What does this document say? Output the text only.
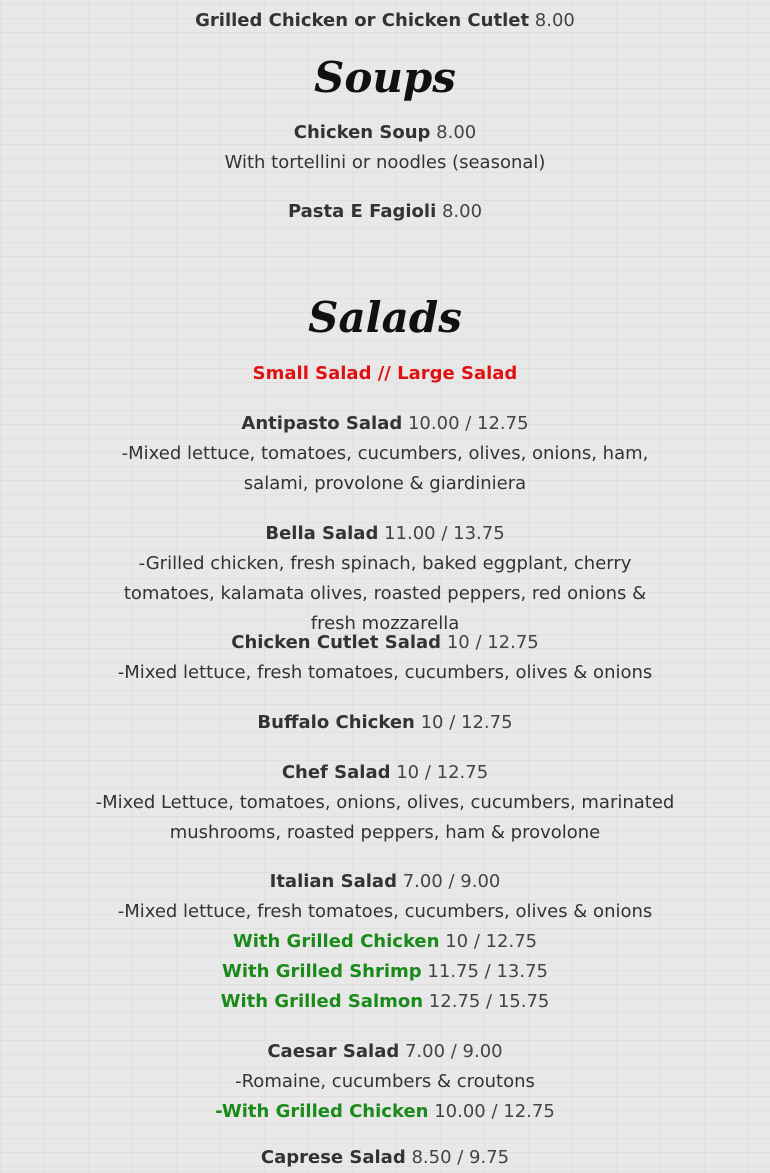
Grilled Chicken or Chicken Cutlet 8.00
Soups
Chicken Soup 8.00
With tortellini or noodles (seasonal)
Pasta E Fagioli 8.00
Salads
Small Salad // Large Salad
Antipasto Salad 10.00 / 12.75
-Mixed lettuce, tomatoes, cucumbers, olives, onions, ham, salami, provolone & giardiniera
Bella Salad 11.00 / 13.75
-Grilled chicken, fresh spinach, baked eggplant, cherry tomatoes, kalamata olives, roasted peppers, red onions & fresh mozzarella
Chicken Cutlet Salad 10 / 12.75
-Mixed lettuce, fresh tomatoes, cucumbers, olives & onions
Buffalo Chicken 10 / 12.75
Chef Salad 10 / 12.75
-Mixed Lettuce, tomatoes, onions, olives, cucumbers, marinated mushrooms, roasted peppers, ham & provolone
Italian Salad 7.00 / 9.00
-Mixed lettuce, fresh tomatoes, cucumbers, olives & onions
With Grilled Chicken 10 / 12.75
With Grilled Shrimp 11.75 / 13.75
With Grilled Salmon 12.75 / 15.75
Caesar Salad 7.00 / 9.00
-Romaine, cucumbers & croutons
-With Grilled Chicken 10.00 / 12.75
Caprese Salad 8.50 / 9.75
